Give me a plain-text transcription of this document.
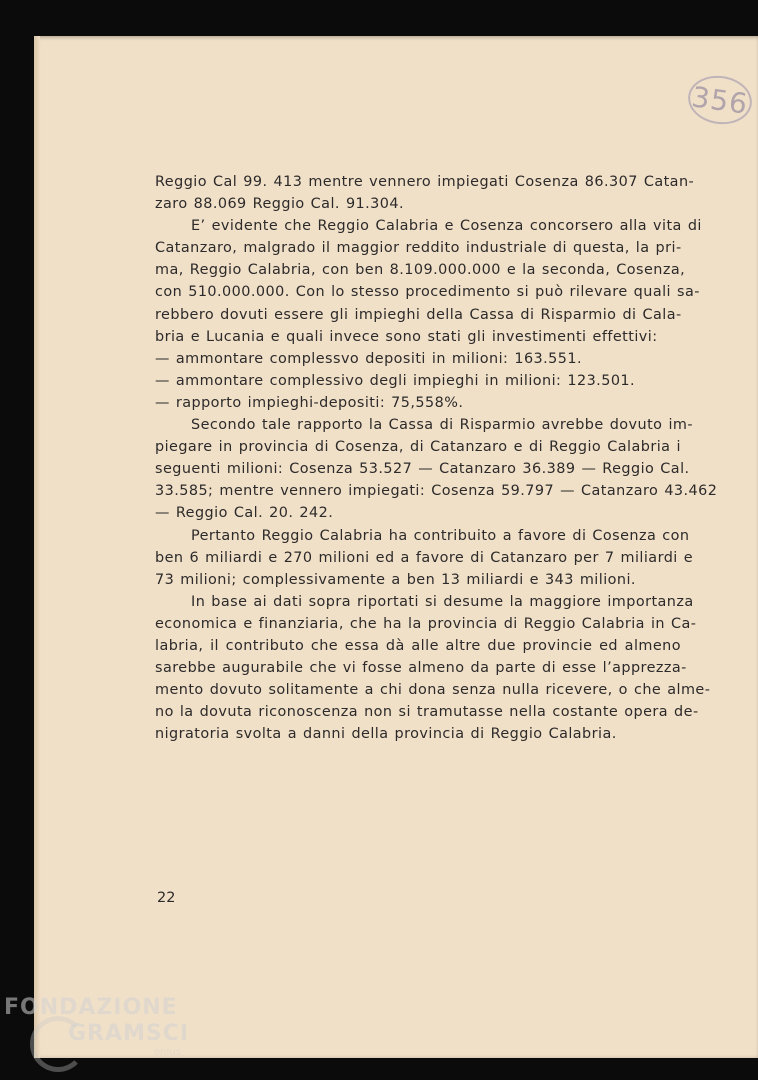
356
Reggio Cal 99. 413 mentre vennero impiegati Cosenza 86.307 Catan-
zaro 88.069 Reggio Cal. 91.304.
E’ evidente che Reggio Calabria e Cosenza concorsero alla vita di
Catanzaro, malgrado il maggior reddito industriale di questa, la pri-
ma, Reggio Calabria, con ben 8.109.000.000 e la seconda, Cosenza,
con 510.000.000. Con lo stesso procedimento si può rilevare quali sa-
rebbero dovuti essere gli impieghi della Cassa di Risparmio di Cala-
bria e Lucania e quali invece sono stati gli investimenti effettivi:
— ammontare complessvo depositi in milioni: 163.551.
— ammontare complessivo degli impieghi in milioni: 123.501.
— rapporto impieghi-depositi: 75,558%.
Secondo tale rapporto la Cassa di Risparmio avrebbe dovuto im-
piegare in provincia di Cosenza, di Catanzaro e di Reggio Calabria i
seguenti milioni: Cosenza 53.527 — Catanzaro 36.389 — Reggio Cal.
33.585; mentre vennero impiegati: Cosenza 59.797 — Catanzaro 43.462
— Reggio Cal. 20. 242.
Pertanto Reggio Calabria ha contribuito a favore di Cosenza con
ben 6 miliardi e 270 milioni ed a favore di Catanzaro per 7 miliardi e
73 milioni; complessivamente a ben 13 miliardi e 343 milioni.
In base ai dati sopra riportati si desume la maggiore importanza
economica e finanziaria, che ha la provincia di Reggio Calabria in Ca-
labria, il contributo che essa dà alle altre due provincie ed almeno
sarebbe augurabile che vi fosse almeno da parte di esse l’apprezza-
mento dovuto solitamente a chi dona senza nulla ricevere, o che alme-
no la dovuta riconoscenza non si tramutasse nella costante opera de-
nigratoria svolta a danni della provincia di Reggio Calabria.
22
FONDAZIONE
GRAMSCI
onlus
